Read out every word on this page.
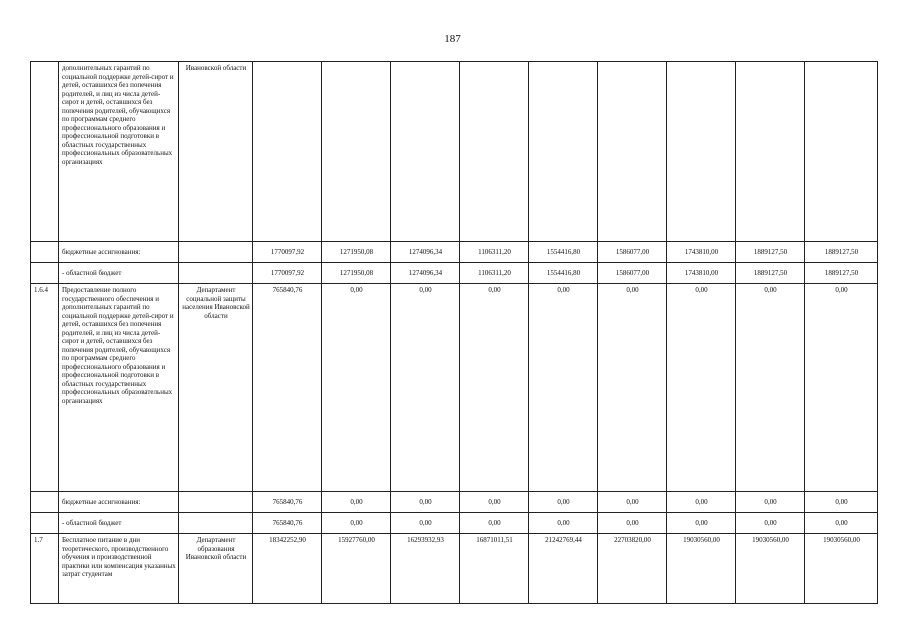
187
	дополнительных гарантий по социальной поддержке детей-сирот и детей, оставшихся без попечения родителей, и лиц из числа детей-сирот и детей, оставшихся без попечения родителей, обучающихся по программам среднего профессионального образования и профессиональной подготовки в областных государственных профессиональных образовательных организациях	Ивановской области									
	бюджетные ассигнования:		1770097,92	1271950,08	1274096,34	1106311,20	1554416,80	1586077,00	1743810,00	1889127,50	1889127,50
	- областной бюджет		1770097,92	1271950,08	1274096,34	1106311,20	1554416,80	1586077,00	1743810,00	1889127,50	1889127,50
1.6.4	Предоставление полного государственного обеспечения и дополнительных гарантий по социальной поддержке детей-сирот и детей, оставшихся без попечения родителей, и лиц из числа детей-сирот и детей, оставшихся без попечения родителей, обучающихся по программам среднего профессионального образования и профессиональной подготовки в областных государственных профессиональных образовательных организациях	Департамент социальной защиты населения Ивановской области	765840,76	0,00	0,00	0,00	0,00	0,00	0,00	0,00	0,00
	бюджетные ассигнования:		765840,76	0,00	0,00	0,00	0,00	0,00	0,00	0,00	0,00
	- областной бюджет		765840,76	0,00	0,00	0,00	0,00	0,00	0,00	0,00	0,00
1.7	Бесплатное питание в дни теоретического, производственного обучения и производственной практики или компенсация указанных затрат студентам	Департамент образования Ивановской области	18342252,90	15927760,00	16293932,93	16871011,51	21242769,44	22703820,00	19030560,00	19030560,00	19030560,00
